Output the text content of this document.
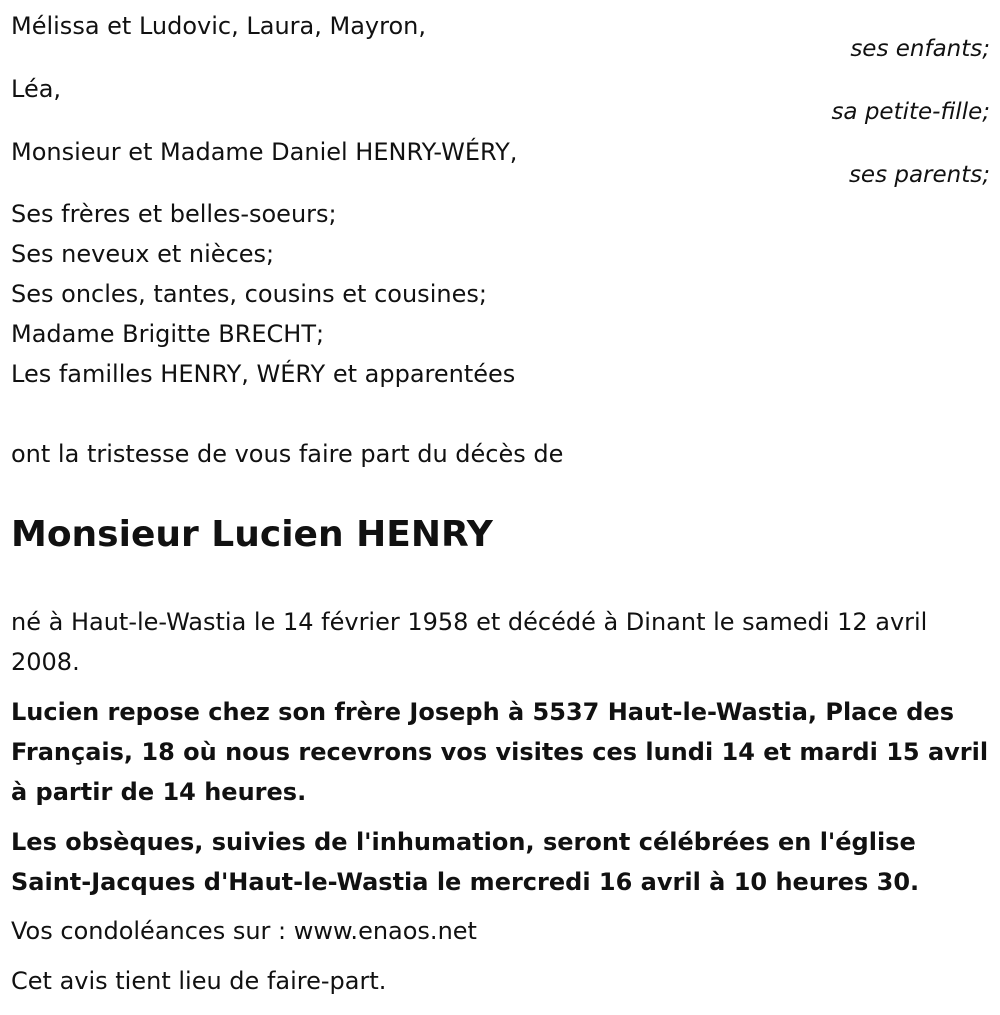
Mélissa et Ludovic, Laura, Mayron,
ses enfants;
Léa,
sa petite-fille;
Monsieur et Madame Daniel HENRY-WÉRY,
ses parents;
Ses frères et belles-soeurs;
Ses neveux et nièces;
Ses oncles, tantes, cousins et cousines;
Madame Brigitte BRECHT;
Les familles HENRY, WÉRY et apparentées
ont la tristesse de vous faire part du décès de
Monsieur Lucien HENRY
né à Haut-le-Wastia le 14 février 1958 et décédé à Dinant le samedi 12 avril 2008.
Lucien repose chez son frère Joseph à 5537 Haut-le-Wastia, Place des Français, 18 où nous recevrons vos visites ces lundi 14 et mardi 15 avril à partir de 14 heures.
Les obsèques, suivies de l'inhumation, seront célébrées en l'église Saint-Jacques d'Haut-le-Wastia le mercredi 16 avril à 10 heures 30.
Vos condoléances sur : www.enaos.net
Cet avis tient lieu de faire-part.
